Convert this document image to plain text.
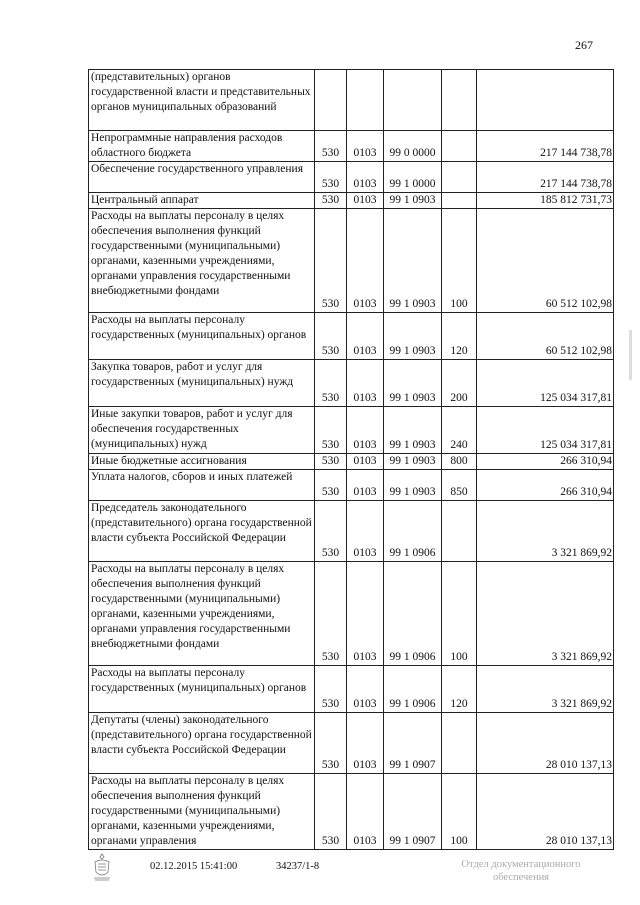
267
(представительных) органов государственной власти и представительных органов муниципальных образований					
Непрограммные направления расходов областного бюджета	530	0103	99 0 0000		217 144 738,78
Обеспечение государственного управления	530	0103	99 1 0000		217 144 738,78
Центральный аппарат	530	0103	99 1 0903		185 812 731,73
Расходы на выплаты персоналу в целях обеспечения выполнения функций государственными (муниципальными) органами, казенными учреждениями, органами управления государственными внебюджетными фондами	530	0103	99 1 0903	100	60 512 102,98
Расходы на выплаты персоналу государственных (муниципальных) органов	530	0103	99 1 0903	120	60 512 102,98
Закупка товаров, работ и услуг для государственных (муниципальных) нужд	530	0103	99 1 0903	200	125 034 317,81
Иные закупки товаров, работ и услуг для обеспечения государственных (муниципальных) нужд	530	0103	99 1 0903	240	125 034 317,81
Иные бюджетные ассигнования	530	0103	99 1 0903	800	266 310,94
Уплата налогов, сборов и иных платежей	530	0103	99 1 0903	850	266 310,94
Председатель законодательного (представительного) органа государственной власти субъекта Российской Федерации	530	0103	99 1 0906		3 321 869,92
Расходы на выплаты персоналу в целях обеспечения выполнения функций государственными (муниципальными) органами, казенными учреждениями, органами управления государственными внебюджетными фондами	530	0103	99 1 0906	100	3 321 869,92
Расходы на выплаты персоналу государственных (муниципальных) органов	530	0103	99 1 0906	120	3 321 869,92
Депутаты (члены) законодательного (представительного) органа государственной власти субъекта Российской Федерации	530	0103	99 1 0907		28 010 137,13
Расходы на выплаты персоналу в целях обеспечения выполнения функций государственными (муниципальными) органами, казенными учреждениями, органами управления	530	0103	99 1 0907	100	28 010 137,13
02.12.2015 15:41:00	34237/1-8	Отдел документационного
обеспечения
